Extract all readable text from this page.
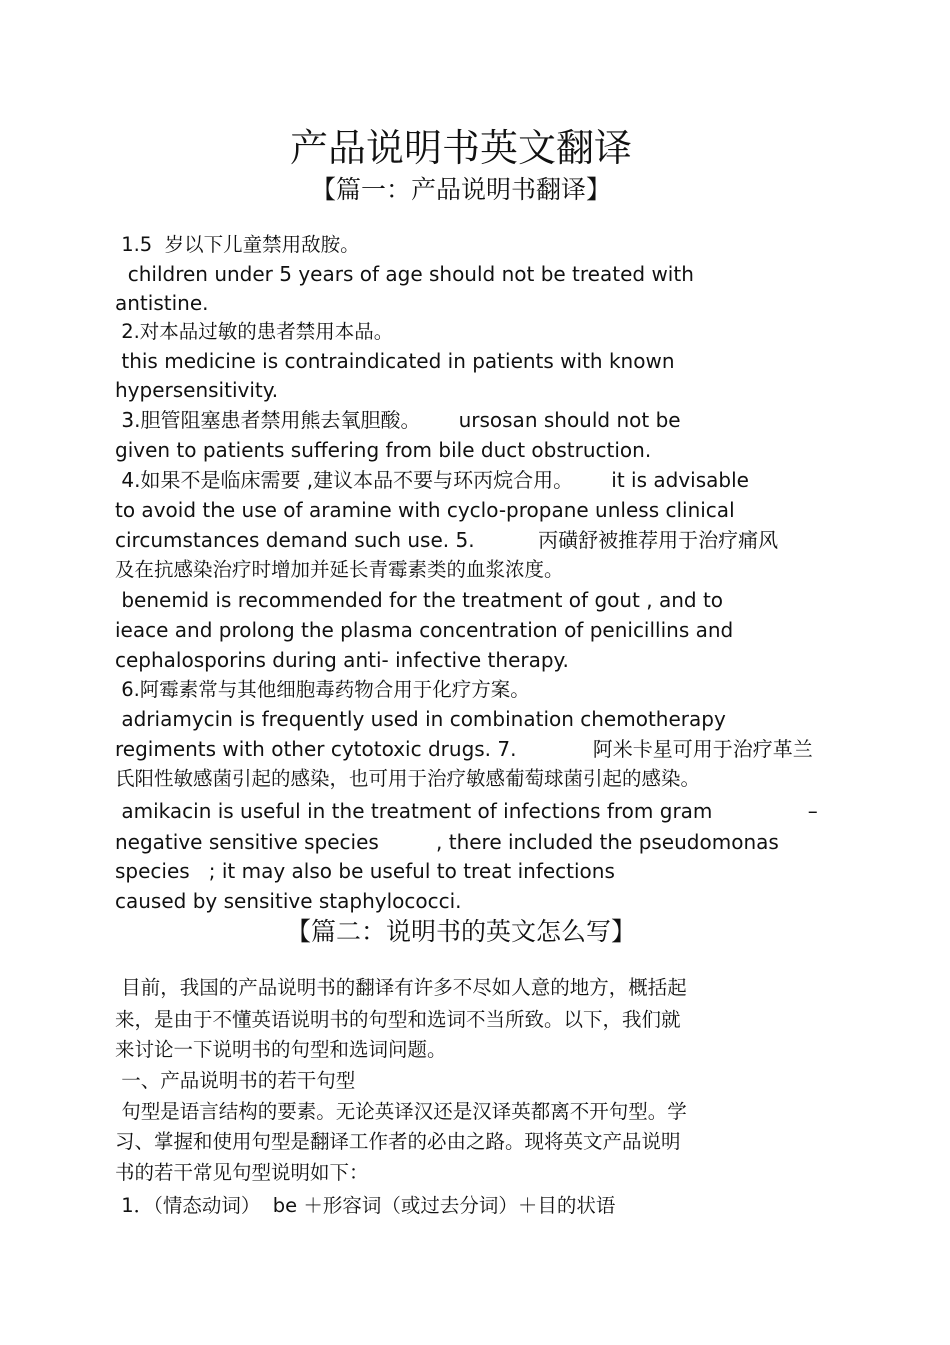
产品说明书英文翻译
【篇一：产品说明书翻译】

1.5  岁以下儿童禁用敌胺。

children under 5 years of age should not be treated with

antistine.

2.对本品过敏的患者禁用本品。

this medicine is contraindicated in patients with known

hypersensitivity.

3.胆管阻塞患者禁用熊去氧胆酸。      ursosan should not be

given to patients suffering from bile duct obstruction.

4.如果不是临床需要 ,建议本品不要与环丙烷合用。      it is advisable

to avoid the use of aramine with cyclo-propane unless clinical

circumstances demand such use. 5.          丙磺舒被推荐用于治疗痛风

及在抗感染治疗时增加并延长青霉素类的血浆浓度。

benemid is recommended for the treatment of gout , and to

ieace and prolong the plasma concentration of penicillins and

cephalosporins during anti- infective therapy.

6.阿霉素常与其他细胞毒药物合用于化疗方案。

adriamycin is frequently used in combination chemotherapy

regiments with other cytotoxic drugs. 7.            阿米卡星可用于治疗革兰

氏阳性敏感菌引起的感染，也可用于治疗敏感葡萄球菌引起的感染。

amikacin is useful in the treatment of infections from gram               –

negative sensitive species         , there included the pseudomonas

species   ; it may also be useful to treat infections

caused by sensitive staphylococci.

【篇二：说明书的英文怎么写】

目前，我国的产品说明书的翻译有许多不尽如人意的地方，概括起

来，是由于不懂英语说明书的句型和选词不当所致。以下，我们就

来讨论一下说明书的句型和选词问题。

一、产品说明书的若干句型

句型是语言结构的要素。无论英译汉还是汉译英都离不开句型。学

习、掌握和使用句型是翻译工作者的必由之路。现将英文产品说明

书的若干常见句型说明如下：

1．（情态动词）  be ＋形容词（或过去分词）＋目的状语
